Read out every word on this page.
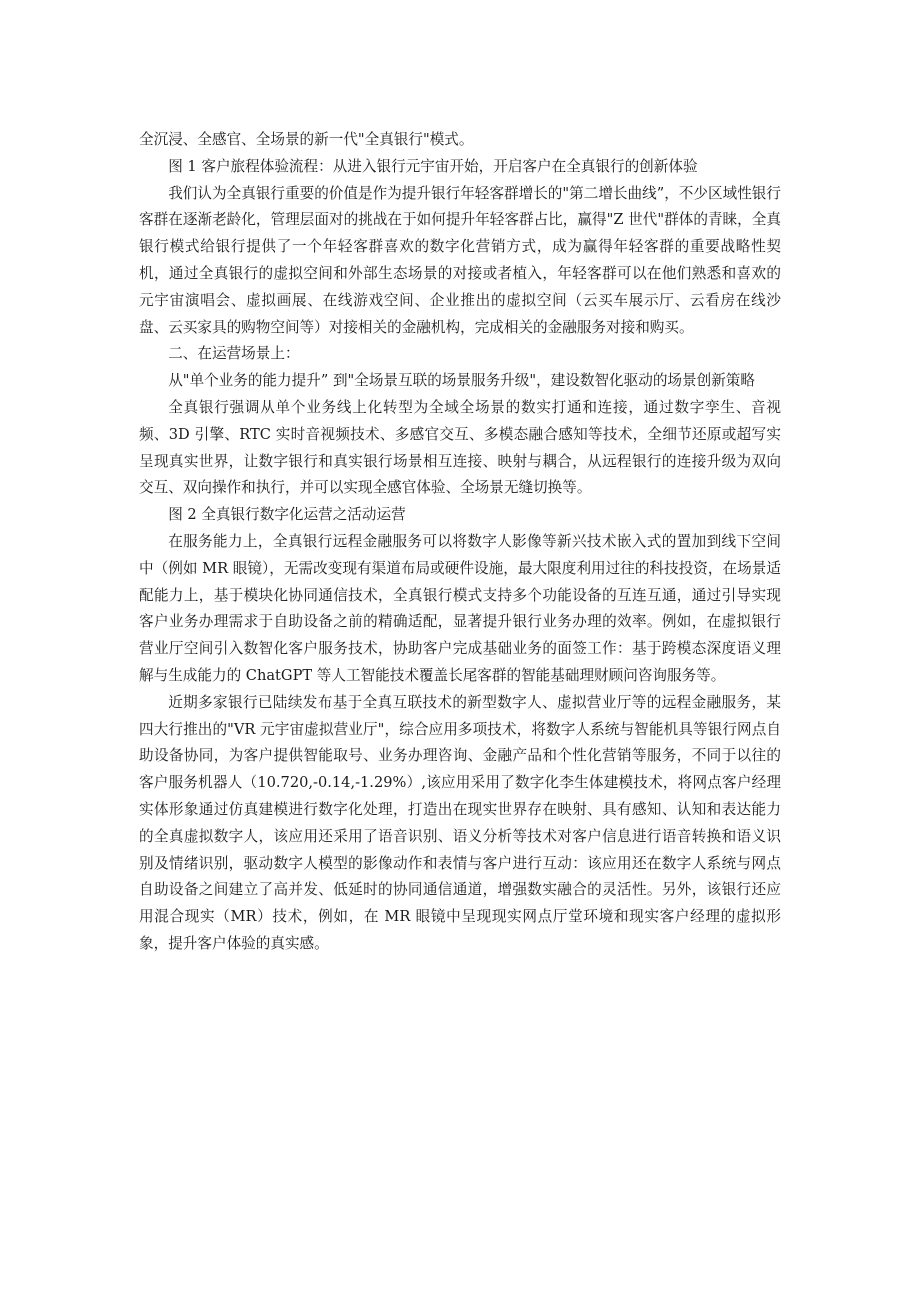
全沉浸、全感官、全场景的新一代"全真银行"模式。

图 1 客户旅程体验流程：从进入银行元宇宙开始，开启客户在全真银行的创新体验

我们认为全真银行重要的价值是作为提升银行年轻客群增长的"第二增长曲线”，不少区域性银行客群在逐渐老龄化，管理层面对的挑战在于如何提升年轻客群占比，赢得"Z 世代"群体的青睐，全真银行模式给银行提供了一个年轻客群喜欢的数字化营销方式，成为赢得年轻客群的重要战略性契机，通过全真银行的虚拟空间和外部生态场景的对接或者植入，年轻客群可以在他们熟悉和喜欢的元宇宙演唱会、虚拟画展、在线游戏空间、企业推出的虚拟空间（云买车展示厅、云看房在线沙盘、云买家具的购物空间等）对接相关的金融机构，完成相关的金融服务对接和购买。

二、在运营场景上：

从"单个业务的能力提升” 到"全场景互联的场景服务升级"，建设数智化驱动的场景创新策略

全真银行强调从单个业务线上化转型为全域全场景的数实打通和连接，通过数字孪生、音视频、3D 引擎、RTC 实时音视频技术、多感官交互、多模态融合感知等技术，全细节还原或超写实呈现真实世界，让数字银行和真实银行场景相互连接、映射与耦合，从远程银行的连接升级为双向交互、双向操作和执行，并可以实现全感官体验、全场景无缝切换等。

图 2 全真银行数字化运营之活动运营

在服务能力上，全真银行远程金融服务可以将数字人影像等新兴技术嵌入式的置加到线下空间中（例如 MR 眼镜），无需改变现有渠道布局或硬件设施，最大限度利用过往的科技投资，在场景适配能力上，基于模块化协同通信技术，全真银行模式支持多个功能设备的互连互通，通过引导实现客户业务办理需求于自助设备之前的精确适配，显著提升银行业务办理的效率。例如，在虚拟银行营业厅空间引入数智化客户服务技术，协助客户完成基础业务的面签工作：基于跨模态深度语义理解与生成能力的 ChatGPT 等人工智能技术覆盖长尾客群的智能基础理财顾问咨询服务等。

近期多家银行已陆续发布基于全真互联技术的新型数字人、虚拟营业厅等的远程金融服务，某四大行推出的"VR 元宇宙虚拟营业厅"，综合应用多项技术，将数字人系统与智能机具等银行网点自助设备协同，为客户提供智能取号、业务办理咨询、金融产品和个性化营销等服务，不同于以往的客户服务机器人（10.720,-0.14,-1.29%）,该应用采用了数字化李生体建模技术，将网点客户经理实体形象通过仿真建模进行数字化处理，打造出在现实世界存在映射、具有感知、认知和表达能力的全真虚拟数字人，该应用还采用了语音识别、语义分析等技术对客户信息进行语音转换和语义识别及情绪识别，驱动数字人模型的影像动作和表情与客户进行互动：该应用还在数字人系统与网点自助设备之间建立了高并发、低延时的协同通信通道，增强数实融合的灵活性。另外，该银行还应用混合现实（MR）技术，例如，在 MR 眼镜中呈现现实网点厅堂环境和现实客户经理的虚拟形象，提升客户体验的真实感。
